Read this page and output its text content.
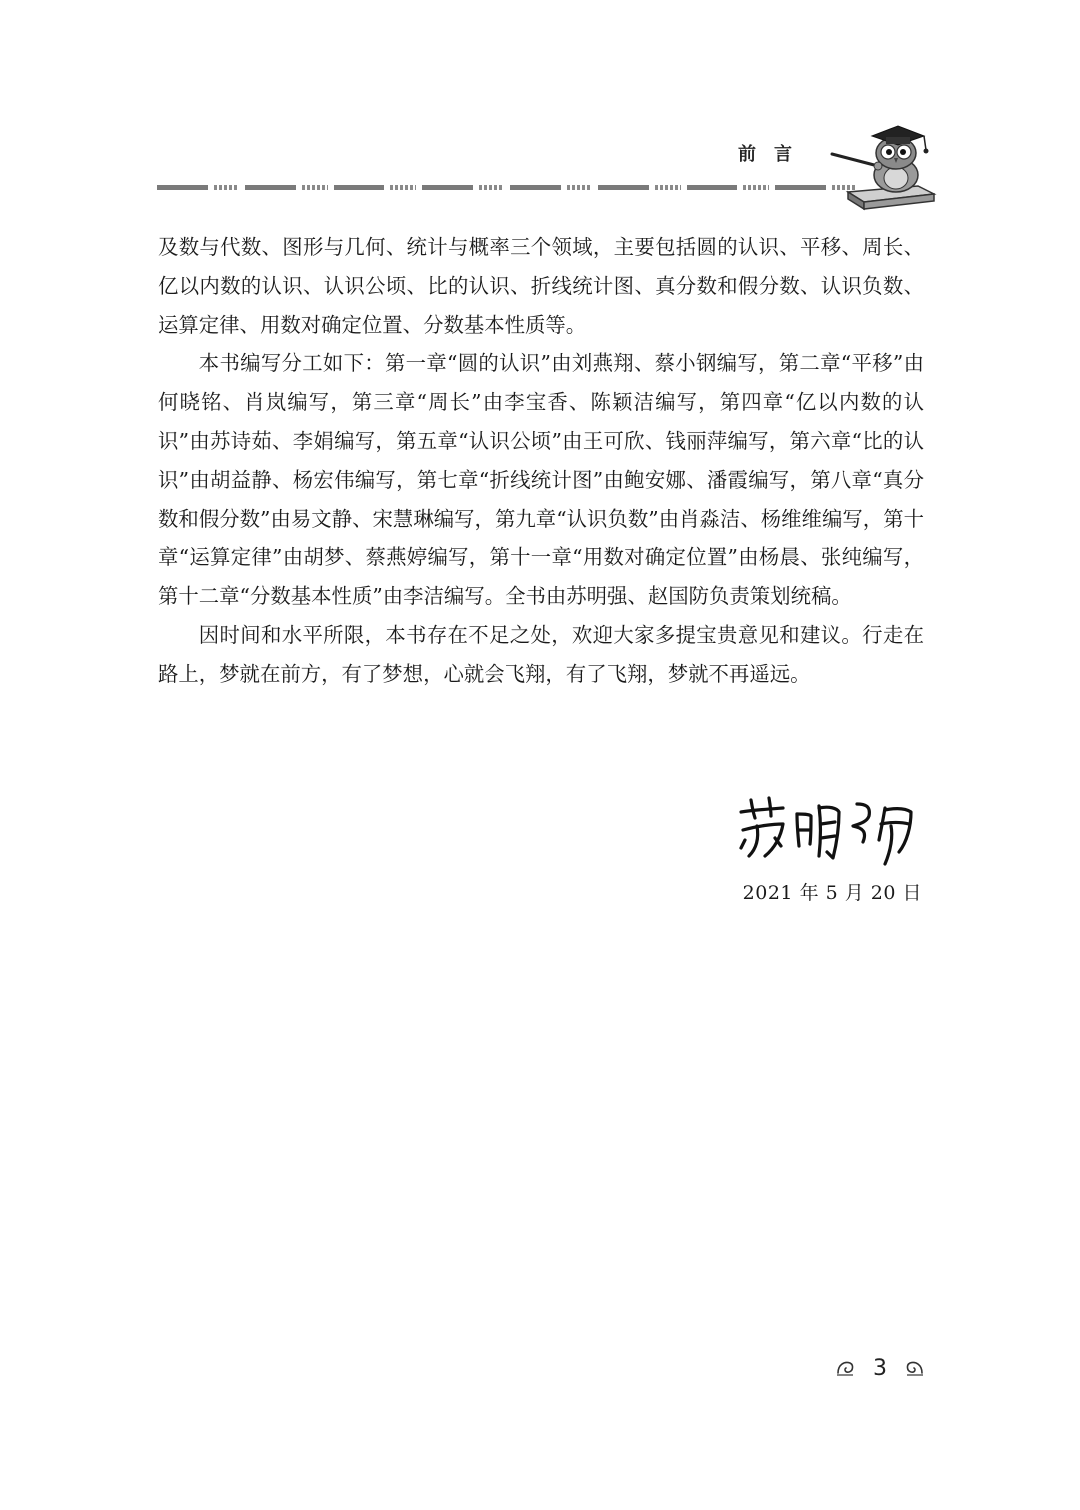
前言

及数与代数、图形与几何、统计与概率三个领域，主要包括圆的认识、平移、周长、亿以内数的认识、认识公顷、比的认识、折线统计图、真分数和假分数、认识负数、运算定律、用数对确定位置、分数基本性质等。

本书编写分工如下：第一章“圆的认识”由刘燕翔、蔡小钢编写，第二章“平移”由何晓铭、肖岚编写，第三章“周长”由李宝香、陈颖洁编写，第四章“亿以内数的认识”由苏诗茹、李娟编写，第五章“认识公顷”由王可欣、钱丽萍编写，第六章“比的认识”由胡益静、杨宏伟编写，第七章“折线统计图”由鲍安娜、潘霞编写，第八章“真分数和假分数”由易文静、宋慧琳编写，第九章“认识负数”由肖淼洁、杨维维编写，第十章“运算定律”由胡梦、蔡燕婷编写，第十一章“用数对确定位置”由杨晨、张纯编写，第十二章“分数基本性质”由李洁编写。全书由苏明强、赵国防负责策划统稿。

因时间和水平所限，本书存在不足之处，欢迎大家多提宝贵意见和建议。行走在路上，梦就在前方，有了梦想，心就会飞翔，有了飞翔，梦就不再遥远。

2021 年 5 月 20 日
3
